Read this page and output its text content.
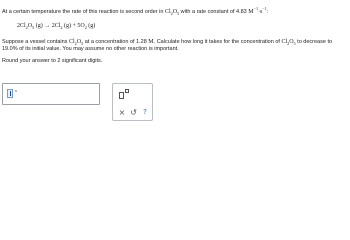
At a certain temperature the rate of this reaction is second order in $Cl_2O_5$ with a rate constant of 4.83 $M^{-1}\cdot s^{-1}$:
$2Cl_2O_5$ $(g) \to 2Cl_2$ $(g) + 5O_2$ (g)
Suppose a vessel contains $Cl_2O_5$ at a concentration of 1.28 M. Calculate how long it takes for the concentration of $Cl_2O_5$ to decrease to 19.0% of its initial value. You may assume no other reaction is important.
Round your answer to 2 significant digits.
s
× ↺ ?
